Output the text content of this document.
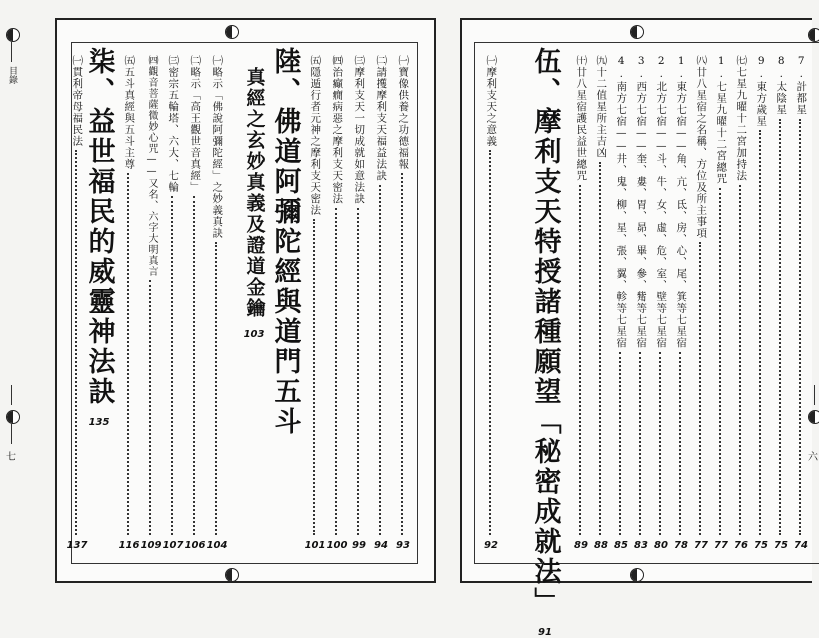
目錄
七
㈠寶像供養之功德福報
93
㈡請擭摩利支天福益法訣
94
㈢摩利支天一切成就如意法訣
99
㈣治癲癇病惡之摩利支天密法
100
㈤隱遁行者元神之摩利支天密法
101
陸、佛道阿彌陀經與道門五斗
真經之玄妙真義及證道金鑰
103
㈠略示「佛說阿彌陀經」之妙義真訣
104
㈡略示「高王觀世音真經」
106
㈢密宗五輪塔、六大、七輪
107
㈣觀音菩薩微妙心咒——又名、六字大明真言
109
㈤五斗真經與五斗主尊
116
柒、益世福民的威靈神法訣
135
㈠貫利帝母福民法
137
7.計都星
74
8.太陰星
75
9.東方歲星
75
㈦七星九曜十二宮加持法
76
1.七星九曜十二宮總咒
77
㈧廿八星宿之名稱、方位及所主事項
77
1.東方七宿——角、亢、氐、房、心、尾、箕等七星宿
78
2.北方七宿——斗、牛、女、虛、危、室、壁等七星宿
80
3.西方七宿——奎、婁、胃、昴、畢、參、觜等七星宿
83
4.南方七宿——井、鬼、柳、星、張、翼、軫等七星宿
85
㈨十二值星所主吉凶
88
㈩廿八星宿護民益世總咒
89
伍、摩利支天特授諸種願望「秘密成就法」
91
㈠摩利支天之意義
92
六
